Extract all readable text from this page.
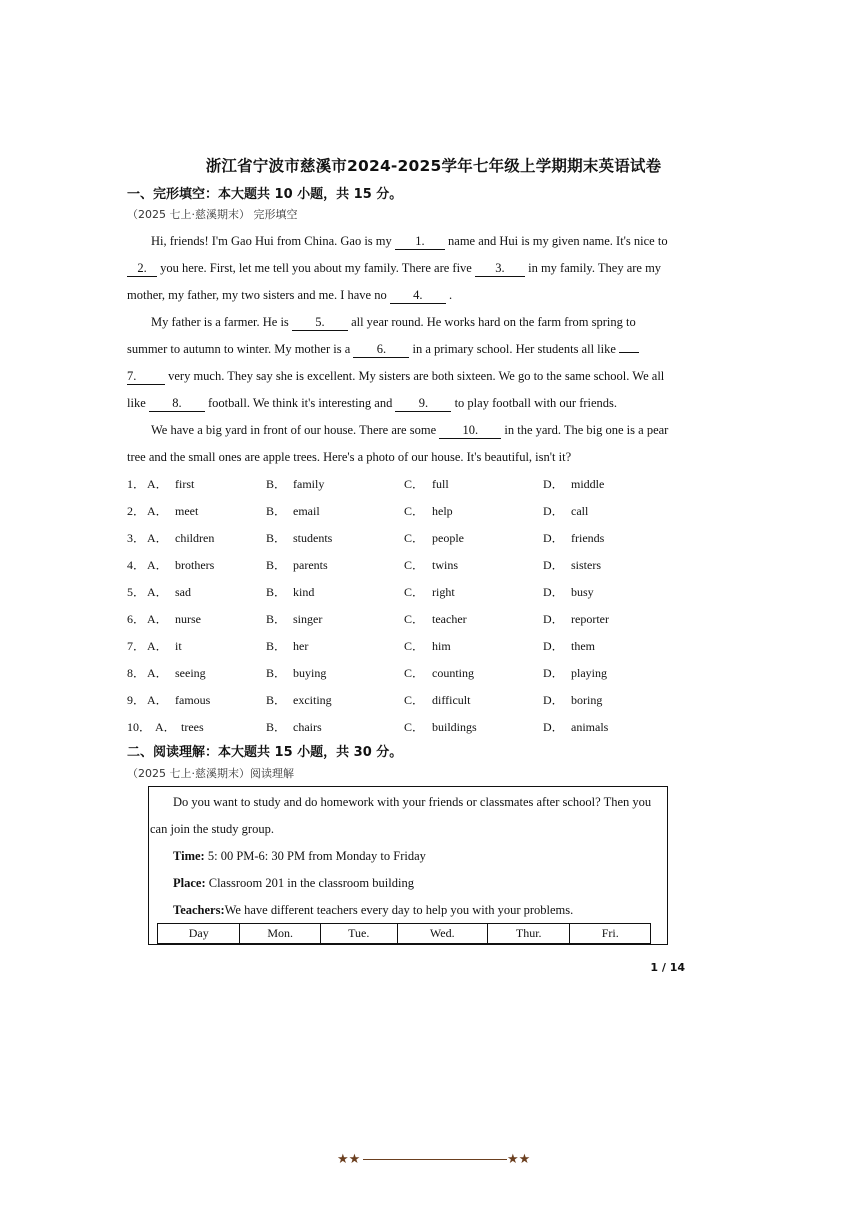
浙江省宁波市慈溪市2024-2025学年七年级上学期期末英语试卷
一、完形填空：本大题共 10 小题，共 15 分。
（2025 七上·慈溪期末） 完形填空
Hi, friends! I'm Gao Hui from China. Gao is my 1. name and Hui is my given name. It's nice to
2. you here. First, let me tell you about my family. There are five 3. in my family. They are my
mother, my father, my two sisters and me. I have no 4. .
My father is a farmer. He is 5. all year round. He works hard on the farm from spring to
summer to autumn to winter. My mother is a 6. in a primary school. Her students all like
7. very much. They say she is excellent. My sisters are both sixteen. We go to the same school. We all
like 8. football. We think it's interesting and 9. to play football with our friends.
We have a big yard in front of our house. There are some 10. in the yard. The big one is a pear
tree and the small ones are apple trees. Here's a photo of our house. It's beautiful, isn't it?
1． A． first	B． family	C． full	D． middle
2． A． meet	B． email	C． help	D． call
3． A． children	B． students	C． people	D． friends
4． A． brothers	B． parents	C． twins	D． sisters
5． A． sad	B． kind	C． right	D． busy
6． A． nurse	B． singer	C． teacher	D． reporter
7． A． it	B． her	C． him	D． them
8． A． seeing	B． buying	C． counting	D． playing
9． A． famous	B． exciting	C． difficult	D． boring
10． A． trees	B． chairs	C． buildings	D． animals
二、阅读理解：本大题共 15 小题，共 30 分。
（2025 七上·慈溪期末）阅读理解
Do you want to study and do homework with your friends or classmates after school? Then you
can join the study group.
Time: 5: 00 PM-6: 30 PM from Monday to Friday
Place: Classroom 201 in the classroom building
Teachers:We have different teachers every day to help you with your problems.
Day	Mon.	Tue.	Wed.	Thur.	Fri.
1 / 14
★★	★★
